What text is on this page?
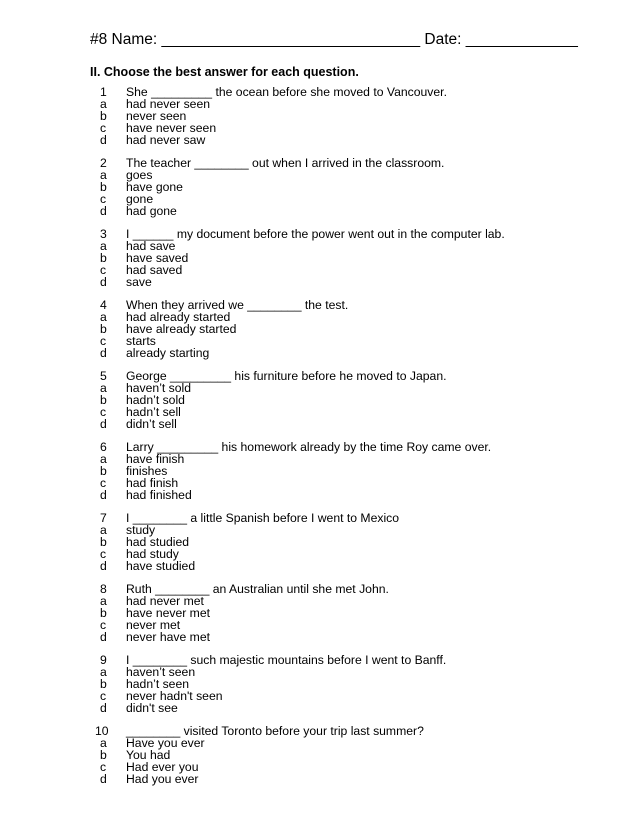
#8 Name: ______________________________ Date: _____________
II. Choose the best answer for each question.
1 She _________ the ocean before she moved to Vancouver.
a had never seen
b never seen
c have never seen
d had never saw
2 The teacher ________ out when I arrived in the classroom.
a goes
b have gone
c gone
d had gone
3 I ______ my document before the power went out in the computer lab.
a had save
b have saved
c had saved
d save
4 When they arrived we ________ the test.
a had already started
b have already started
c starts
d already starting
5 George _________ his furniture before he moved to Japan.
a haven’t sold
b hadn’t sold
c hadn’t sell
d didn’t sell
6 Larry _________ his homework already by the time Roy came over.
a have finish
b finishes
c had finish
d had finished
7 I ________ a little Spanish before I went to Mexico
a study
b had studied
c had study
d have studied
8 Ruth ________ an Australian until she met John.
a had never met
b have never met
c never met
d never have met
9 I ________ such majestic mountains before I went to Banff.
a haven’t seen
b hadn’t seen
c never hadn't seen
d didn't see
10 ________ visited Toronto before your trip last summer?
a Have you ever
b You had
c Had ever you
d Had you ever
